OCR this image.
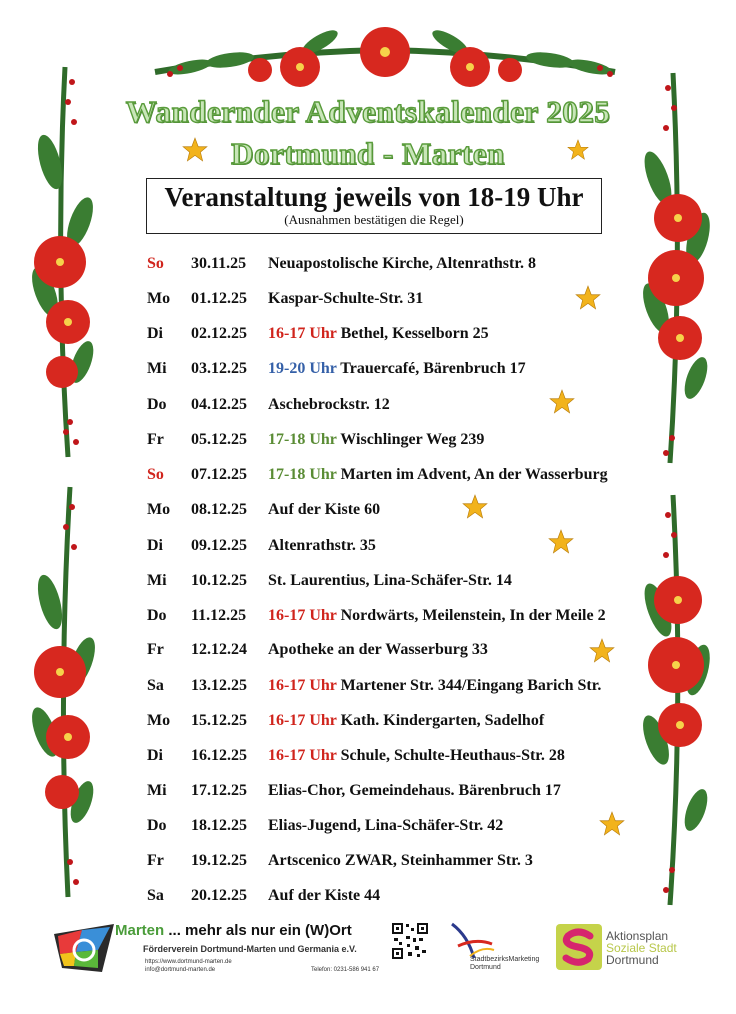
Wandernder Adventskalender 2025
Dortmund - Marten
Veranstaltung jeweils von 18-19 Uhr
(Ausnahmen bestätigen die Regel)
So	30.11.25 Neuapostolische Kirche, Altenrathstr. 8
Mo	01.12.25 Kaspar-Schulte-Str. 31
Di	02.12.25 16-17 Uhr Bethel, Kesselborn 25
Mi	03.12.25 19-20 Uhr Trauercafé, Bärenbruch 17
Do	04.12.25 Aschebrockstr. 12
Fr	05.12.25 17-18 Uhr Wischlinger Weg 239
So	07.12.25 17-18 Uhr Marten im Advent, An der Wasserburg
Mo	08.12.25 Auf der Kiste 60
Di	09.12.25 Altenrathstr. 35
Mi	10.12.25 St. Laurentius, Lina-Schäfer-Str. 14
Do	11.12.25 16-17 Uhr Nordwärts, Meilenstein, In der Meile 2
Fr	12.12.24 Apotheke an der Wasserburg 33
Sa	13.12.25 16-17 Uhr Martener Str. 344/Eingang Barich Str.
Mo	15.12.25 16-17 Uhr Kath. Kindergarten, Sadelhof
Di	16.12.25 16-17 Uhr Schule, Schulte-Heuthaus-Str. 28
Mi	17.12.25 Elias-Chor, Gemeindehaus. Bärenbruch 17
Do	18.12.25 Elias-Jugend, Lina-Schäfer-Str. 42
Fr	19.12.25 Artscenico ZWAR, Steinhammer Str. 3
Sa	20.12.25 Auf der Kiste 44
Marten ... mehr als nur ein (W)Ort
Förderverein Dortmund-Marten und Germania e.V.
https://www.dortmund-marten.de
info@dortmund-marten.de	Telefon: 0231-586 941 67
StadtbezirksMarketing
Dortmund
Aktionsplan
Soziale Stadt
Dortmund
